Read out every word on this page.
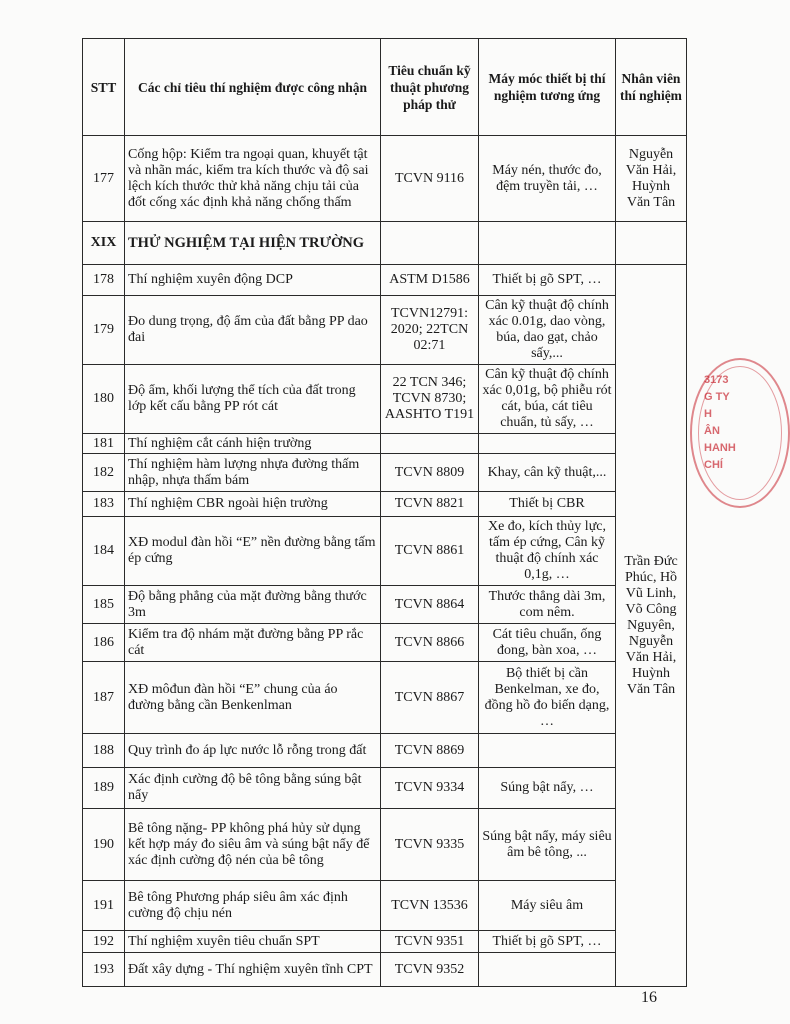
STT	Các chỉ tiêu thí nghiệm được công nhận	Tiêu chuẩn kỹ thuật phương pháp thử	Máy móc thiết bị thí nghiệm tương ứng	Nhân viên thí nghiệm
177	Cống hộp: Kiểm tra ngoại quan, khuyết tật và nhãn mác, kiểm tra kích thước và độ sai lệch kích thước thử khả năng chịu tải của đốt cống xác định khả năng chống thấm	TCVN 9116	Máy nén, thước đo, đệm truyền tải, …	Nguyễn Văn Hải, Huỳnh Văn Tân
XIX	THỬ NGHIỆM TẠI HIỆN TRƯỜNG			
178	Thí nghiệm xuyên động DCP	ASTM D1586	Thiết bị gõ SPT, …	Trần Đức Phúc, Hồ Vũ Linh, Võ Công Nguyên, Nguyễn Văn Hải, Huỳnh Văn Tân
179	Đo dung trọng, độ ẩm của đất bằng PP dao đai	TCVN12791: 2020; 22TCN 02:71	Cân kỹ thuật độ chính xác 0.01g, dao vòng, búa, dao gạt, chảo sấy,...	
180	Độ ẩm, khối lượng thể tích của đất trong lớp kết cấu bằng PP rót cát	22 TCN 346; TCVN 8730; AASHTO T191	Cân kỹ thuật độ chính xác 0,01g, bộ phiễu rót cát, búa, cát tiêu chuẩn, tủ sấy, …	
181	Thí nghiệm cắt cánh hiện trường			
182	Thí nghiệm hàm lượng nhựa đường thấm nhập, nhựa thấm bám	TCVN 8809	Khay, cân kỹ thuật,...	
183	Thí nghiệm CBR ngoài hiện trường	TCVN 8821	Thiết bị CBR	
184	XĐ modul đàn hồi “E” nền đường bằng tấm ép cứng	TCVN 8861	Xe đo, kích thủy lực, tấm ép cứng, Cân kỹ thuật độ chính xác 0,1g, …	
185	Độ bằng phẳng của mặt đường bằng thước 3m	TCVN 8864	Thước thẳng dài 3m, com nêm.	
186	Kiểm tra độ nhám mặt đường bằng PP rắc cát	TCVN 8866	Cát tiêu chuẩn, ống đong, bàn xoa, …	
187	XĐ môđun đàn hồi “E” chung của áo đường bằng cần Benkenlman	TCVN 8867	Bộ thiết bị cần Benkelman, xe đo, đồng hồ đo biến dạng, …	
188	Quy trình đo áp lực nước lỗ rỗng trong đất	TCVN 8869		
189	Xác định cường độ bê tông bằng súng bật nẩy	TCVN 9334	Súng bật nẩy, …	
190	Bê tông nặng- PP không phá hủy sử dụng kết hợp máy đo siêu âm và súng bật nẩy để xác định cường độ nén của bê tông	TCVN 9335	Súng bật nẩy, máy siêu âm bê tông, ...	
191	Bê tông Phương pháp siêu âm xác định cường độ chịu nén	TCVN 13536	Máy siêu âm	
192	Thí nghiệm xuyên tiêu chuẩn SPT	TCVN 9351	Thiết bị gõ SPT, …	
193	Đất xây dựng - Thí nghiệm xuyên tĩnh CPT	TCVN 9352		
3173
G TY
H
ÂN
HANH
CHÍ
16
